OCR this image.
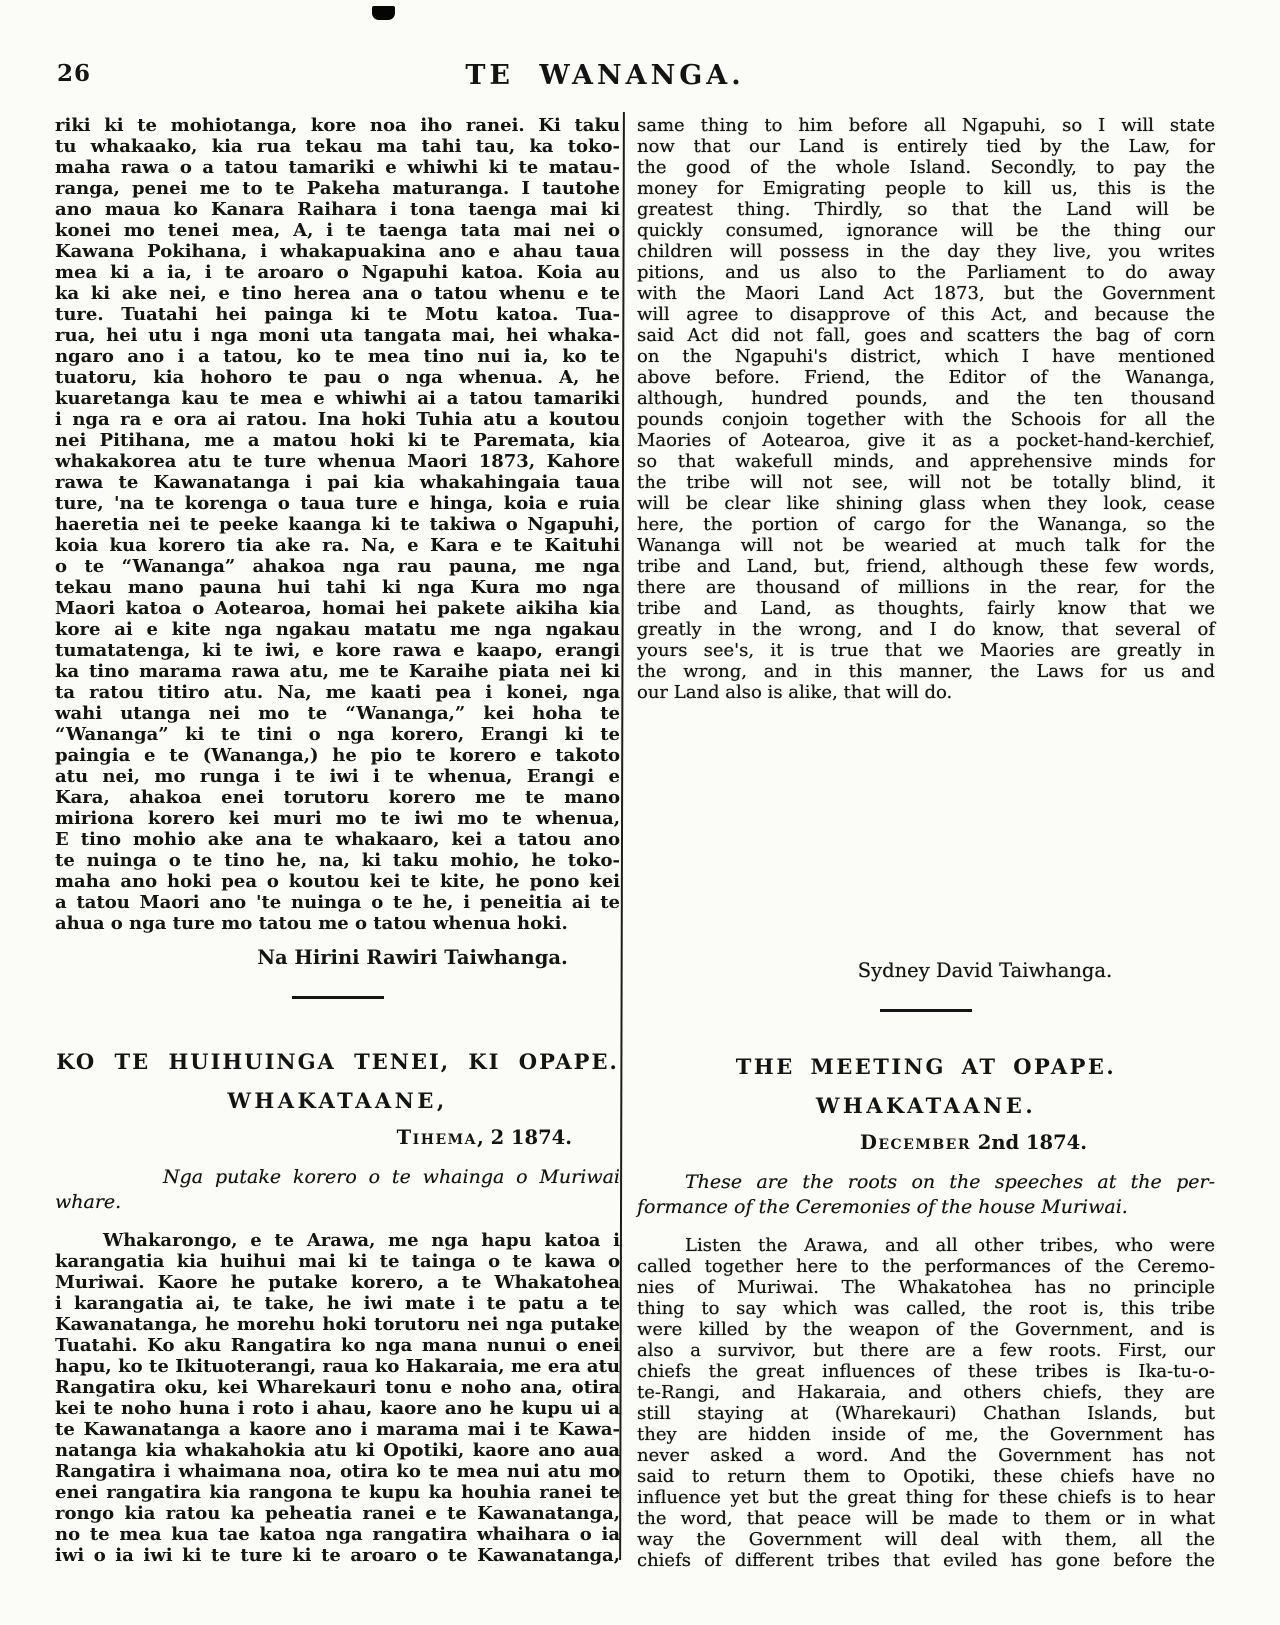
26	TE WANANGA.
riki ki te mohiotanga, kore noa iho ranei. Ki taku
tu whakaako, kia rua tekau ma tahi tau, ka toko-
maha rawa o a tatou tamariki e whiwhi ki te matau-
ranga, penei me to te Pakeha maturanga. I tautohe
ano maua ko Kanara Raihara i tona taenga mai ki
konei mo tenei mea, A, i te taenga tata mai nei o
Kawana Pokihana, i whakapuakina ano e ahau taua
mea ki a ia, i te aroaro o Ngapuhi katoa. Koia au
ka ki ake nei, e tino herea ana o tatou whenu e te
ture. Tuatahi hei painga ki te Motu katoa. Tua-
rua, hei utu i nga moni uta tangata mai, hei whaka-
ngaro ano i a tatou, ko te mea tino nui ia, ko te
tuatoru, kia hohoro te pau o nga whenua. A, he
kuaretanga kau te mea e whiwhi ai a tatou tamariki
i nga ra e ora ai ratou. Ina hoki Tuhia atu a koutou
nei Pitihana, me a matou hoki ki te Paremata, kia
whakakorea atu te ture whenua Maori 1873, Kahore
rawa te Kawanatanga i pai kia whakahingaia taua
ture, 'na te korenga o taua ture e hinga, koia e ruia
haeretia nei te peeke kaanga ki te takiwa o Ngapuhi,
koia kua korero tia ake ra. Na, e Kara e te Kaituhi
o te “Wananga” ahakoa nga rau pauna, me nga
tekau mano pauna hui tahi ki nga Kura mo nga
Maori katoa o Aotearoa, homai hei pakete aikiha kia
kore ai e kite nga ngakau matatu me nga ngakau
tumatatenga, ki te iwi, e kore rawa e kaapo, erangi
ka tino marama rawa atu, me te Karaihe piata nei ki
ta ratou titiro atu. Na, me kaati pea i konei, nga
wahi utanga nei mo te “Wananga,” kei hoha te
“Wananga” ki te tini o nga korero, Erangi ki te
paingia e te (Wananga,) he pio te korero e takoto
atu nei, mo runga i te iwi i te whenua, Erangi e
Kara, ahakoa enei torutoru korero me te mano
miriona korero kei muri mo te iwi mo te whenua,
E tino mohio ake ana te whakaaro, kei a tatou ano
te nuinga o te tino he, na, ki taku mohio, he toko-
maha ano hoki pea o koutou kei te kite, he pono kei
a tatou Maori ano 'te nuinga o te he, i peneitia ai te
ahua o nga ture mo tatou me o tatou whenua hoki.
Na Hirini Rawiri Taiwhanga.
KO TE HUIHUINGA TENEI, KI OPAPE.
WHAKATAANE,
Tihema, 2 1874.
Nga putake korero o te whainga o Muriwai
whare.
Whakarongo, e te Arawa, me nga hapu katoa i
karangatia kia huihui mai ki te tainga o te kawa o
Muriwai. Kaore he putake korero, a te Whakatohea
i karangatia ai, te take, he iwi mate i te patu a te
Kawanatanga, he morehu hoki torutoru nei nga putake
Tuatahi. Ko aku Rangatira ko nga mana nunui o enei
hapu, ko te Ikituoterangi, raua ko Hakaraia, me era atu
Rangatira oku, kei Wharekauri tonu e noho ana, otira
kei te noho huna i roto i ahau, kaore ano he kupu ui a
te Kawanatanga a kaore ano i marama mai i te Kawa-
natanga kia whakahokia atu ki Opotiki, kaore ano aua
Rangatira i whaimana noa, otira ko te mea nui atu mo
enei rangatira kia rangona te kupu ka houhia ranei te
rongo kia ratou ka peheatia ranei e te Kawanatanga,
no te mea kua tae katoa nga rangatira whaihara o ia
iwi o ia iwi ki te ture ki te aroaro o te Kawanatanga,
same thing to him before all Ngapuhi, so I will state
now that our Land is entirely tied by the Law, for
the good of the whole Island. Secondly, to pay the
money for Emigrating people to kill us, this is the
greatest thing. Thirdly, so that the Land will be
quickly consumed, ignorance will be the thing our
children will possess in the day they live, you writes
pitions, and us also to the Parliament to do away
with the Maori Land Act 1873, but the Government
will agree to disapprove of this Act, and because the
said Act did not fall, goes and scatters the bag of corn
on the Ngapuhi's district, which I have mentioned
above before. Friend, the Editor of the Wananga,
although, hundred pounds, and the ten thousand
pounds conjoin together with the Schoois for all the
Maories of Aotearoa, give it as a pocket-hand-kerchief,
so that wakefull minds, and apprehensive minds for
the tribe will not see, will not be totally blind, it
will be clear like shining glass when they look, cease
here, the portion of cargo for the Wananga, so the
Wananga will not be wearied at much talk for the
tribe and Land, but, friend, although these few words,
there are thousand of millions in the rear, for the
tribe and Land, as thoughts, fairly know that we
greatly in the wrong, and I do know, that several of
yours see's, it is true that we Maories are greatly in
the wrong, and in this manner, the Laws for us and
our Land also is alike, that will do.
Sydney David Taiwhanga.
THE MEETING AT OPAPE.
WHAKATAANE.
December 2nd 1874.
These are the roots on the speeches at the per-
formance of the Ceremonies of the house Muriwai.
Listen the Arawa, and all other tribes, who were
called together here to the performances of the Ceremo-
nies of Muriwai. The Whakatohea has no principle
thing to say which was called, the root is, this tribe
were killed by the weapon of the Government, and is
also a survivor, but there are a few roots. First, our
chiefs the great influences of these tribes is Ika-tu-o-
te-Rangi, and Hakaraia, and others chiefs, they are
still staying at (Wharekauri) Chathan Islands, but
they are hidden inside of me, the Government has
never asked a word. And the Government has not
said to return them to Opotiki, these chiefs have no
influence yet but the great thing for these chiefs is to hear
the word, that peace will be made to them or in what
way the Government will deal with them, all the
chiefs of different tribes that eviled has gone before the
